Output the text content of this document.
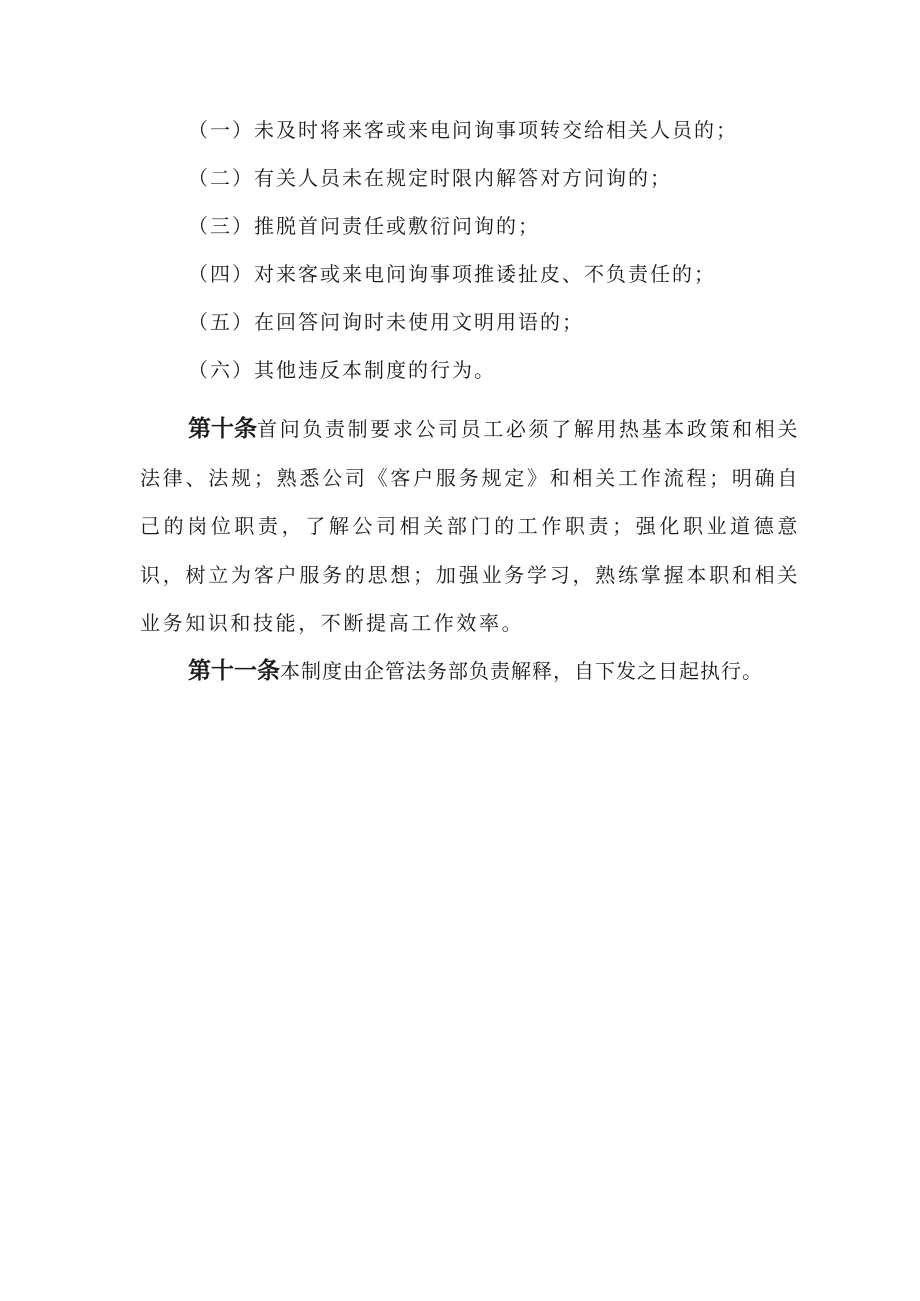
（一）未及时将来客或来电问询事项转交给相关人员的；
（二）有关人员未在规定时限内解答对方问询的；
（三）推脱首问责任或敷衍问询的；
（四）对来客或来电问询事项推诿扯皮、不负责任的；
（五）在回答问询时未使用文明用语的；
（六）其他违反本制度的行为。

第十条首问负责制要求公司员工必须了解用热基本政策和相关法律、法规；熟悉公司《客户服务规定》和相关工作流程；明确自己的岗位职责，了解公司相关部门的工作职责；强化职业道德意识，树立为客户服务的思想；加强业务学习，熟练掌握本职和相关业务知识和技能，不断提高工作效率。

第十一条本制度由企管法务部负责解释，自下发之日起执行。
